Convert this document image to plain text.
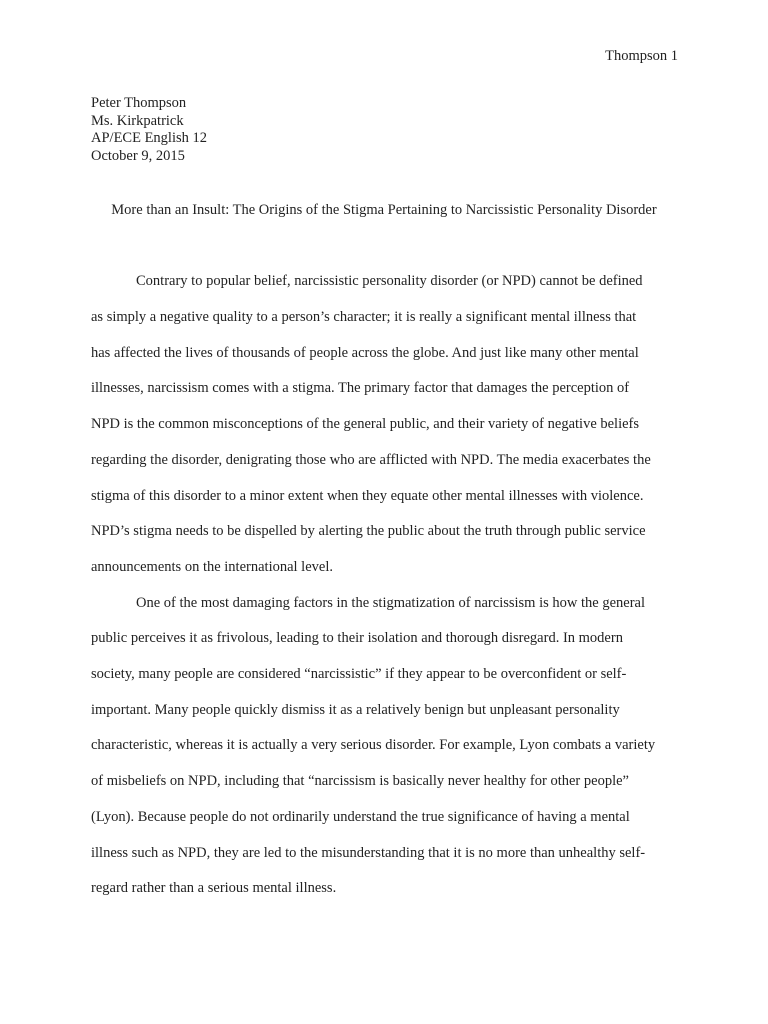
Thompson 1
Peter Thompson
Ms. Kirkpatrick
AP/ECE English 12
October 9, 2015
More than an Insult: The Origins of the Stigma Pertaining to Narcissistic Personality Disorder
Contrary to popular belief, narcissistic personality disorder (or NPD) cannot be defined
as simply a negative quality to a person’s character; it is really a significant mental illness that
has affected the lives of thousands of people across the globe. And just like many other mental
illnesses, narcissism comes with a stigma. The primary factor that damages the perception of
NPD is the common misconceptions of the general public, and their variety of negative beliefs
regarding the disorder, denigrating those who are afflicted with NPD. The media exacerbates the
stigma of this disorder to a minor extent when they equate other mental illnesses with violence.
NPD’s stigma needs to be dispelled by alerting the public about the truth through public service
announcements on the international level.
One of the most damaging factors in the stigmatization of narcissism is how the general
public perceives it as frivolous, leading to their isolation and thorough disregard. In modern
society, many people are considered “narcissistic” if they appear to be overconfident or self-
important. Many people quickly dismiss it as a relatively benign but unpleasant personality
characteristic, whereas it is actually a very serious disorder. For example, Lyon combats a variety
of misbeliefs on NPD, including that “narcissism is basically never healthy for other people”
(Lyon). Because people do not ordinarily understand the true significance of having a mental
illness such as NPD, they are led to the misunderstanding that it is no more than unhealthy self-
regard rather than a serious mental illness.
